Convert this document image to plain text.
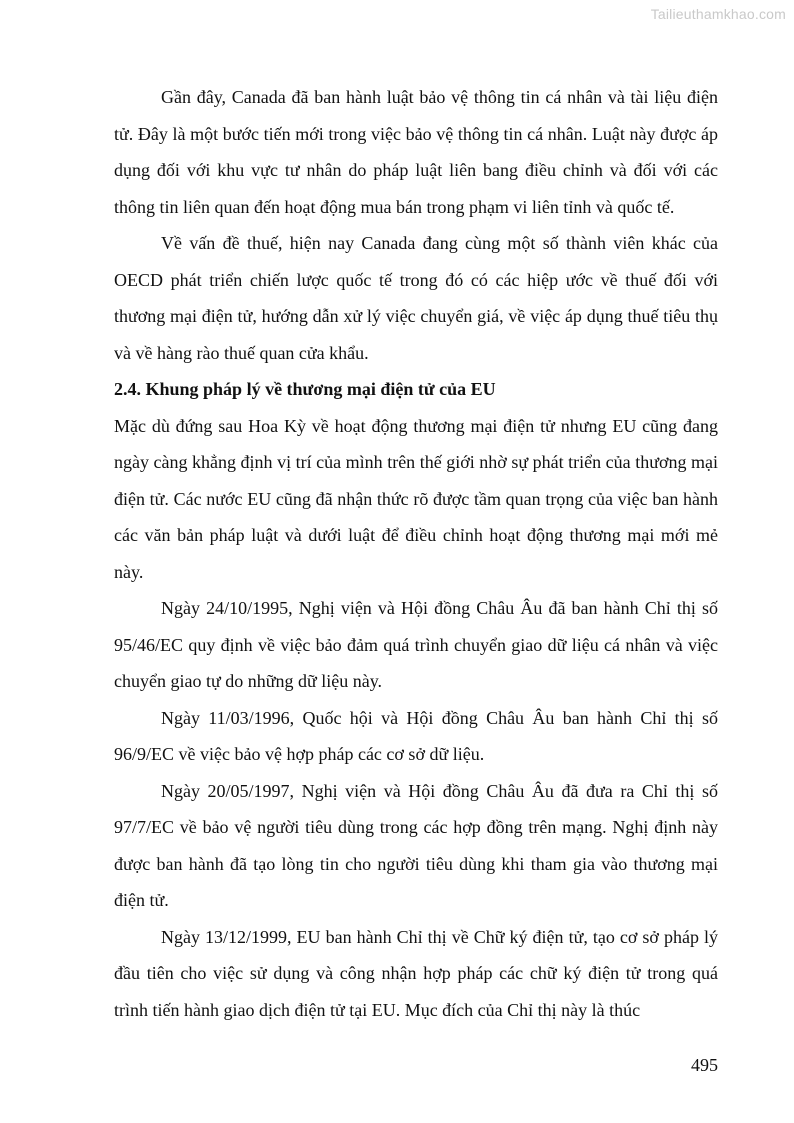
Tailieuthamkhao.com

Gần đây, Canada đã ban hành luật bảo vệ thông tin cá nhân và tài liệu điện tử. Đây là một bước tiến mới trong việc bảo vệ thông tin cá nhân. Luật này được áp dụng đối với khu vực tư nhân do pháp luật liên bang điều chỉnh và đối với các thông tin liên quan đến hoạt động mua bán trong phạm vi liên tỉnh và quốc tế.

Về vấn đề thuế, hiện nay Canada đang cùng một số thành viên khác của OECD phát triển chiến lược quốc tế trong đó có các hiệp ước về thuế đối với thương mại điện tử, hướng dẫn xử lý việc chuyển giá, về việc áp dụng thuế tiêu thụ và về hàng rào thuế quan cửa khẩu.

2.4. Khung pháp lý về thương mại điện tử của EU

Mặc dù đứng sau Hoa Kỳ về hoạt động thương mại điện tử nhưng EU cũng đang ngày càng khẳng định vị trí của mình trên thế giới nhờ sự phát triển của thương mại điện tử. Các nước EU cũng đã nhận thức rõ được tầm quan trọng của việc ban hành các văn bản pháp luật và dưới luật để điều chỉnh hoạt động thương mại mới mẻ này.

Ngày 24/10/1995, Nghị viện và Hội đồng Châu Âu đã ban hành Chỉ thị số 95/46/EC quy định về việc bảo đảm quá trình chuyển giao dữ liệu cá nhân và việc chuyển giao tự do những dữ liệu này.

Ngày 11/03/1996, Quốc hội và Hội đồng Châu Âu ban hành Chỉ thị số 96/9/EC về việc bảo vệ hợp pháp các cơ sở dữ liệu.

Ngày 20/05/1997, Nghị viện và Hội đồng Châu Âu đã đưa ra Chỉ thị số 97/7/EC về bảo vệ người tiêu dùng trong các hợp đồng trên mạng. Nghị định này được ban hành đã tạo lòng tin cho người tiêu dùng khi tham gia vào thương mại điện tử.

Ngày 13/12/1999, EU ban hành Chỉ thị về Chữ ký điện tử, tạo cơ sở pháp lý đầu tiên cho việc sử dụng và công nhận hợp pháp các chữ ký điện tử trong quá trình tiến hành giao dịch điện tử tại EU. Mục đích của Chỉ thị này là thúc

495
